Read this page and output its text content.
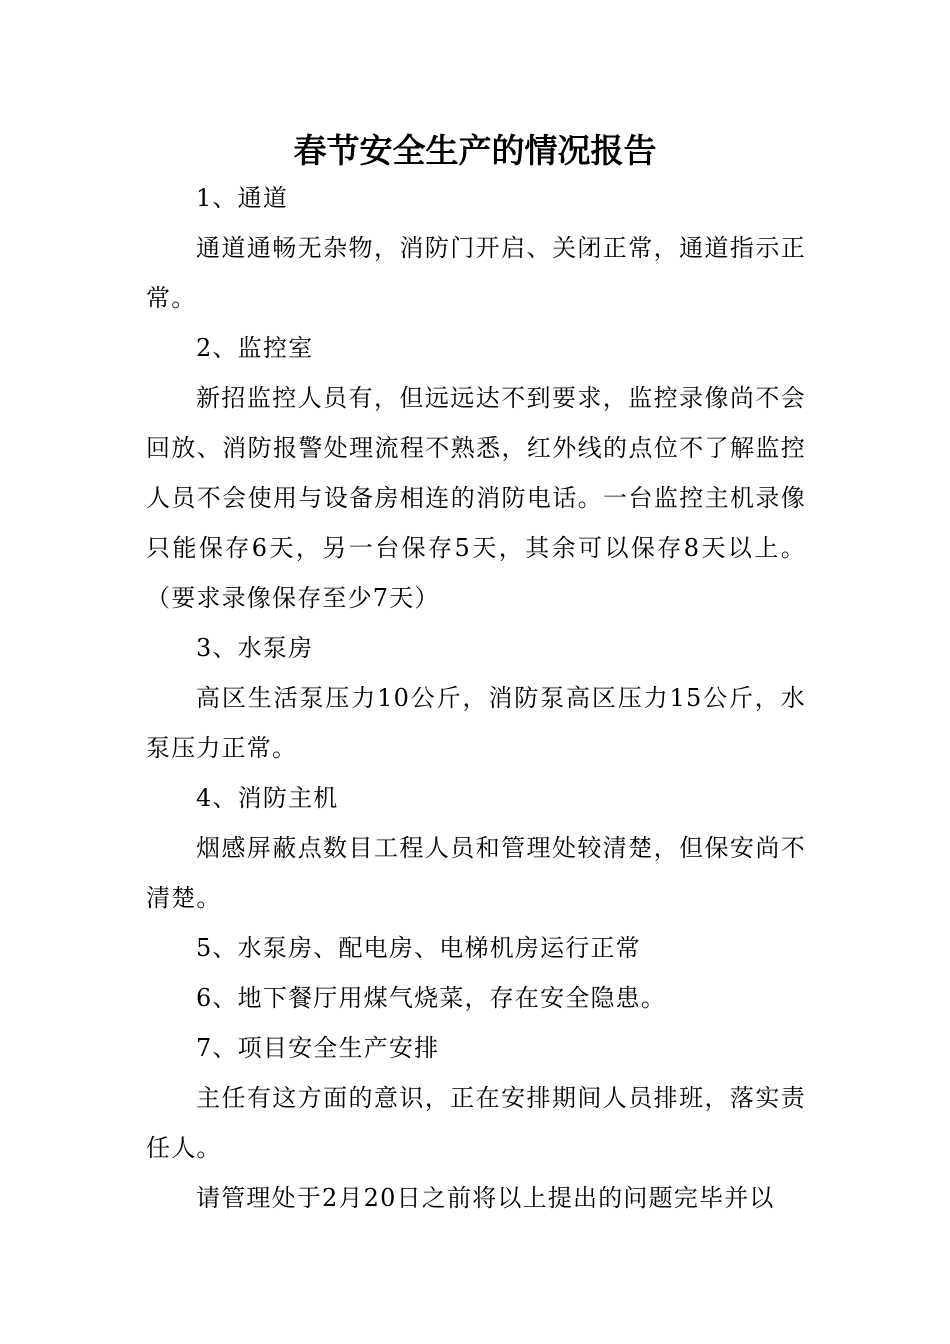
春节安全生产的情况报告

1、通道

通道通畅无杂物，消防门开启、关闭正常，通道指示正常。

2、监控室

新招监控人员有，但远远达不到要求，监控录像尚不会回放、消防报警处理流程不熟悉，红外线的点位不了解监控人员不会使用与设备房相连的消防电话。一台监控主机录像只能保存6天，另一台保存5天，其余可以保存8天以上。（要求录像保存至少7天）

3、水泵房

高区生活泵压力10公斤，消防泵高区压力15公斤，水泵压力正常。

4、消防主机

烟感屏蔽点数目工程人员和管理处较清楚，但保安尚不清楚。

5、水泵房、配电房、电梯机房运行正常

6、地下餐厅用煤气烧菜，存在安全隐患。

7、项目安全生产安排

主任有这方面的意识，正在安排期间人员排班，落实责任人。

请管理处于2月20日之前将以上提出的问题完毕并以
